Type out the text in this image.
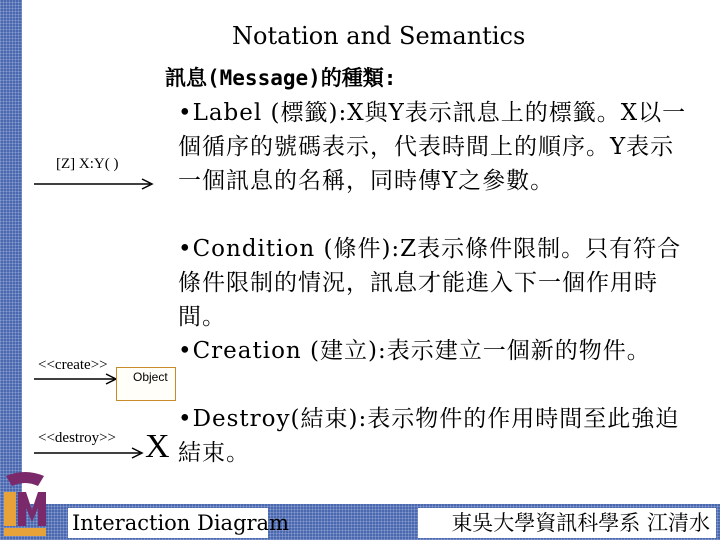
Notation and Semantics
訊息(Message)的種類:
•Label (標籤):X與Y表示訊息上的標籤。X以一個循序的號碼表示，代表時間上的順序。Y表示一個訊息的名稱，同時傳Y之參數。
•Condition (條件):Z表示條件限制。只有符合條件限制的情況，訊息才能進入下一個作用時間。
•Creation (建立):表示建立一個新的物件。
•Destroy(結束):表示物件的作用時間至此強迫結束。
[Z] X:Y( )
<<create>>
Object
<<destroy>> X
Interaction Diagram	東吳大學資訊科學系 江清水
